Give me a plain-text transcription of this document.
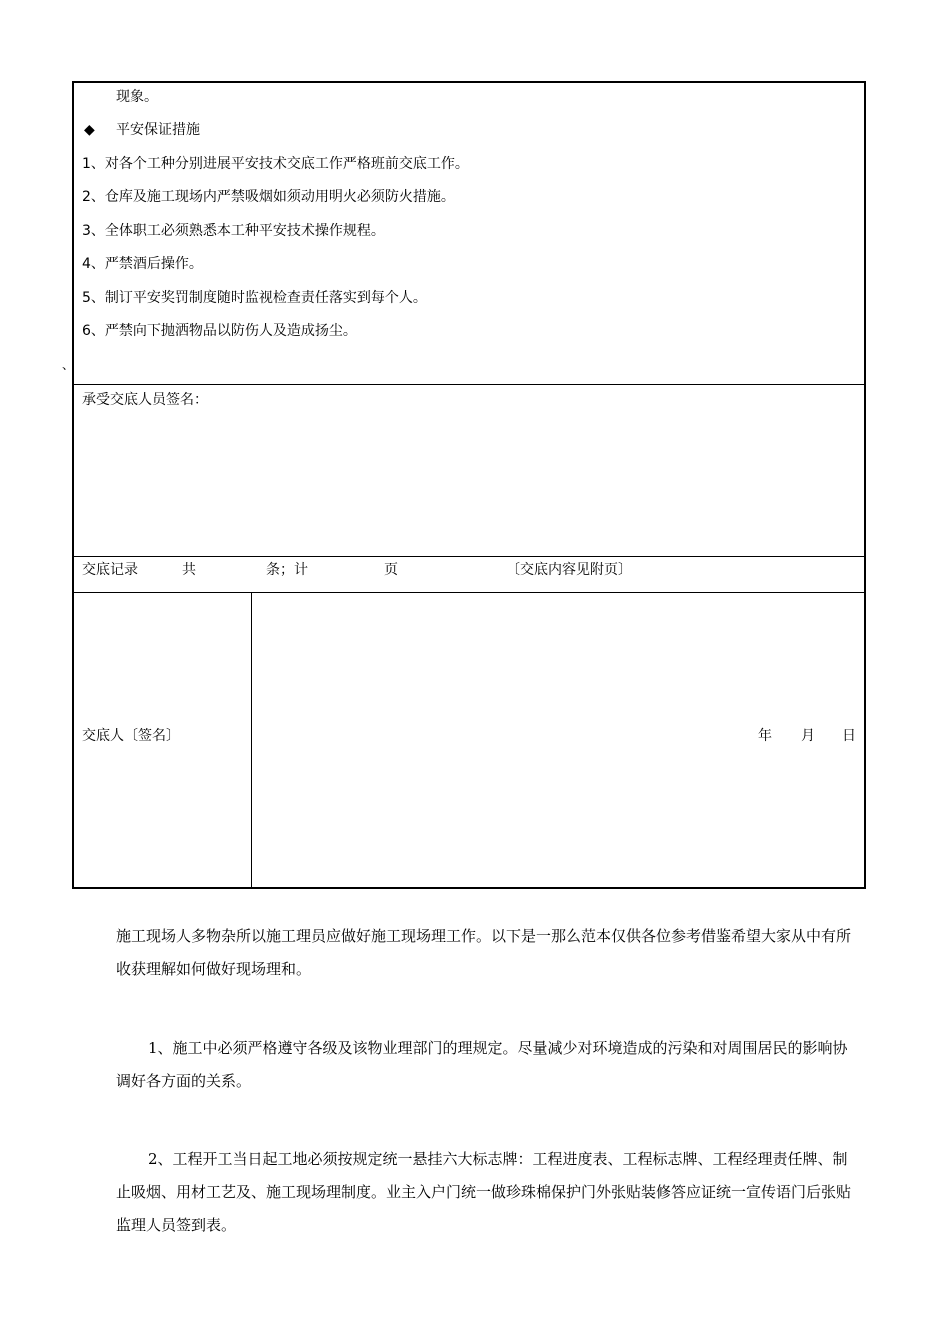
现象。
◆ 平安保证措施
1、对各个工种分别进展平安技术交底工作严格班前交底工作。
2、仓库及施工现场内严禁吸烟如须动用明火必须防火措施。
3、全体职工必须熟悉本工种平安技术操作规程。
4、严禁酒后操作。
5、制订平安奖罚制度随时监视检查责任落实到每个人。
6、严禁向下抛洒物品以防伤人及造成扬尘。
承受交底人员签名：
交底记录	共	条；计	页	〔交底内容见附页〕
交底人〔签名〕	年 月 日
、

施工现场人多物杂所以施工理员应做好施工现场理工作。以下是一那么范本仅供各位参考借鉴希望大家从中有所收获理解如何做好现场理和。

1、施工中必须严格遵守各级及该物业理部门的理规定。尽量减少对环境造成的污染和对周围居民的影响协调好各方面的关系。

2、工程开工当日起工地必须按规定统一悬挂六大标志牌：工程进度表、工程标志牌、工程经理责任牌、制止吸烟、用材工艺及、施工现场理制度。业主入户门统一做珍珠棉保护门外张贴装修答应证统一宣传语门后张贴监理人员签到表。
